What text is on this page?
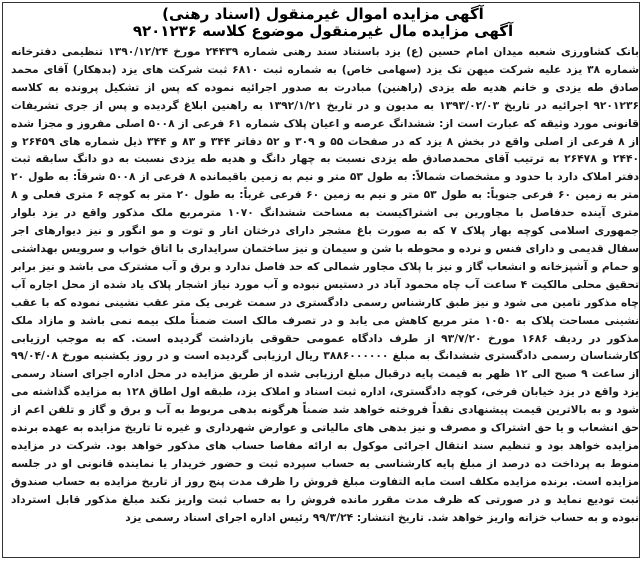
آگهی مزایده اموال غیرمنقول (اسناد رهنی)
آگهی مزایده مال غیرمنقول موضوع کلاسه ۹۲۰۱۲۳۶
بانک کشاورزی شعبه میدان امام حسین (ع) یزد باستناد سند رهنی شماره ۲۴۴۳۹ مورخ ۱۳۹۰/۱۲/۲۴ تنظیمی دفترخانه شماره ۳۸ یزد علیه شرکت میهن تک یزد (سهامی خاص) به شماره ثبت ۶۸۱۰ ثبت شرکت های یزد (بدهکار) آقای محمد صادق طه یزدی و خانم هدیه طه یزدی (راهنین) مبادرت به صدور اجرائیه نموده که پس از تشکیل پرونده به کلاسه ۹۲۰۱۲۳۶ اجرائیه در تاریخ ۱۳۹۳/۰۲/۰۳ به مدیون و در تاریخ ۱۳۹۲/۱/۲۱ به راهنین ابلاغ گردیده و پس از جری تشریفات قانونی مورد وثیقه که عبارت است از: ششدانگ عرصه و اعیان پلاک شماره ۶۱ فرعی از ۵۰۰۸ اصلی مفروز و مجزا شده از ۸ فرعی از اصلی واقع در بخش ۸ یزد که در صفحات ۵۵ و ۳۰۹ و ۵۲ دفاتر ۳۴۴ و ۸۳ و ۳۴۴ ذیل شماره های ۲۶۴۵۹ و ۲۴۴۰ و ۲۶۴۷۸ به ترتیب آقای محمدصادق طه یزدی نسبت به چهار دانگ و هدیه طه یزدی نسبت به دو دانگ سابقه ثبت دفتر املاک دارد با حدود و مشخصات شمالاً: به طول ۵۳ متر و نیم به زمین باقیمانده ۸ فرعی از ۵۰۰۸ شرقاً: به طول ۲۰ متر به زمین ۶۰ فرعی جنوباً: به طول ۵۳ متر و نیم به زمین ۶۰ فرعی غرباً: به طول ۲۰ متر به کوچه ۶ متری فعلی و ۸ متری آینده حدفاصل با مجاورین بی اشتراکیست به مساحت ششدانگ ۱۰۷۰ مترمربع ملک مذکور واقع در یزد بلوار جمهوری اسلامی کوچه بهار پلاک ۷ که به صورت باغ مشجر دارای درختان انار و توت و مو انگور و نیز دیوارهای اجر سفال قدیمی و دارای فنس و نرده و محوطه با شن و سیمان و نیز ساختمان سرایداری با اتاق خواب و سرویس بهداشتی و حمام و آشپزخانه و انشعاب گاز و نیز با پلاک مجاور شمالی که حد فاصل ندارد و برق و آب مشترک می باشد و نیز برابر تحقیق محلی مالکیت ۴ ساعت آب چاه محمود آباد در دستیس نبوده و آب مورد نیاز اشجار پلاک یاد شده از محل اجاره آب چاه مذکور تامین می شود و نیز طبق کارشناس رسمی دادگستری در سمت غربی یک متر عقب نشینی نموده که با عقب نشینی مساحت پلاک به ۱۰۵۰ متر مربع کاهش می یابد و در تصرف مالک است ضمناً ملک بیمه نمی باشد و مازاد ملک مذکور در ردیف ۱۶۸۶ مورخ ۹۳/۷/۲۰ از طرف دادگاه عمومی حقوقی بازداشت گردیده است. که به موجب ارزیابی کارشناسان رسمی دادگستری ششدانگ به مبلغ ۳۸۸۶۰۰۰۰۰۰ ریال ارزیابی گردیده است و در روز یکشنبه مورخ ۹۹/۰۴/۰۸ از ساعت ۹ صبح الی ۱۲ ظهر به قیمت پایه درقبال مبلغ ارزیابی شده از طریق مزایده در محل اداره اجرای اسناد رسمی یزد واقع در یزد خیابان فرخی، کوچه دادگستری، اداره ثبت اسناد و املاک یزد، طبقه اول اطاق ۱۲۸ به مزایده گذاشته می شود و به بالاترین قیمت پیشنهادی نقداً فروخته خواهد شد ضمناً هرگونه بدهی مربوط به آب و برق و گاز و تلفن اعم از حق انشعاب و یا حق اشتراک و مصرف و نیز بدهی های مالیاتی و عوارض شهرداری و غیره تا تاریخ مزایده به عهده برنده مزایده خواهد بود و تنظیم سند انتقال اجرائی موکول به ارائه مفاصا حساب های مذکور خواهد بود. شرکت در مزایده منوط به پرداخت ده درصد از مبلغ پایه کارشناسی به حساب سپرده ثبت و حضور خریدار یا نماینده قانونی او در جلسه مزایده است. برنده مزایده مکلف است مابه التفاوت مبلغ فروش را ظرف مدت پنج روز از تاریخ مزایده به حساب صندوق ثبت تودیع نماید و در صورتی که ظرف مدت مقرر مانده فروش را به حساب ثبت واریز نکند مبلغ مذکور قابل استرداد نبوده و به حساب خزانه واریز خواهد شد. تاریخ انتشار: ۹۹/۳/۲۴ رئیس اداره اجرای اسناد رسمی یزد
